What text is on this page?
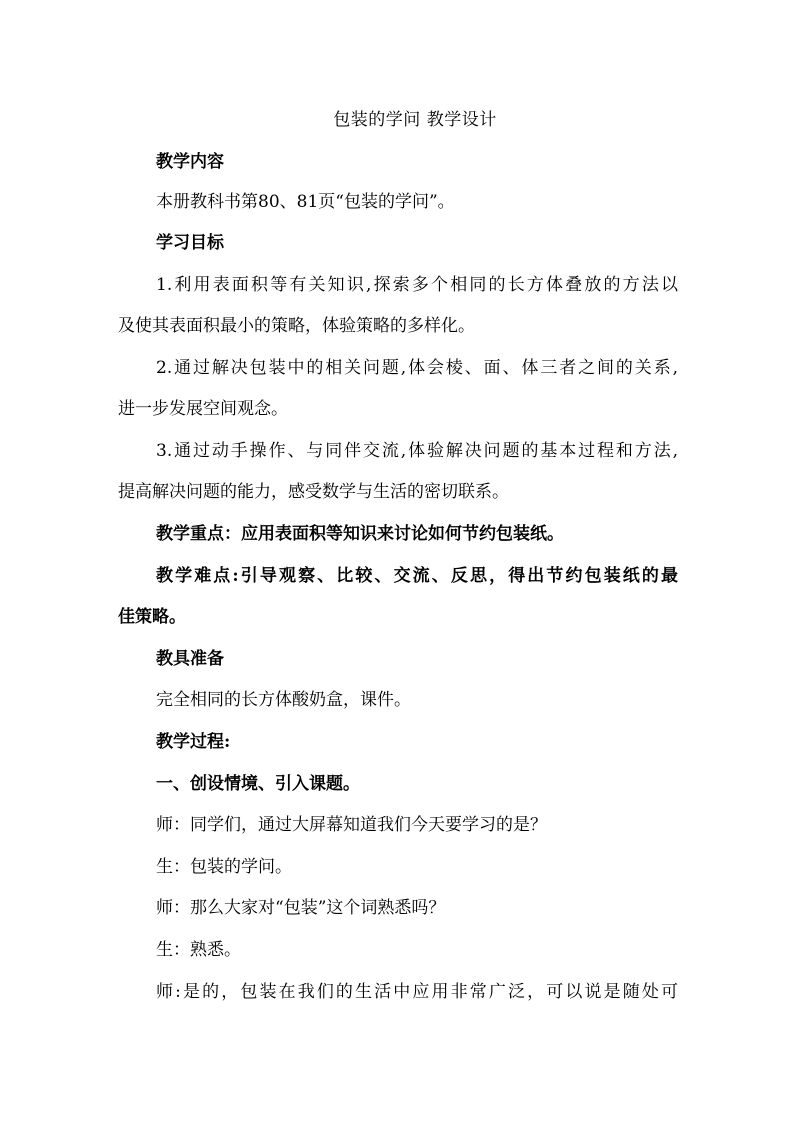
包装的学问 教学设计
教学内容
本册教科书第80、81页“包装的学问”。
学习目标
1.利用表面积等有关知识,探索多个相同的长方体叠放的方法以
及使其表面积最小的策略，体验策略的多样化。
2.通过解决包装中的相关问题,体会棱、面、体三者之间的关系,
进一步发展空间观念。
3.通过动手操作、与同伴交流,体验解决问题的基本过程和方法,
提高解决问题的能力，感受数学与生活的密切联系。
教学重点：应用表面积等知识来讨论如何节约包装纸。
教学难点:引导观察、比较、交流、反思，得出节约包装纸的最
佳策略。
教具准备
完全相同的长方体酸奶盒，课件。
教学过程:
一、创设情境、引入课题。
师：同学们，通过大屏幕知道我们今天要学习的是？
生：包装的学问。
师：那么大家对“包装”这个词熟悉吗？
生：熟悉。
师:是的，包装在我们的生活中应用非常广泛，可以说是随处可
